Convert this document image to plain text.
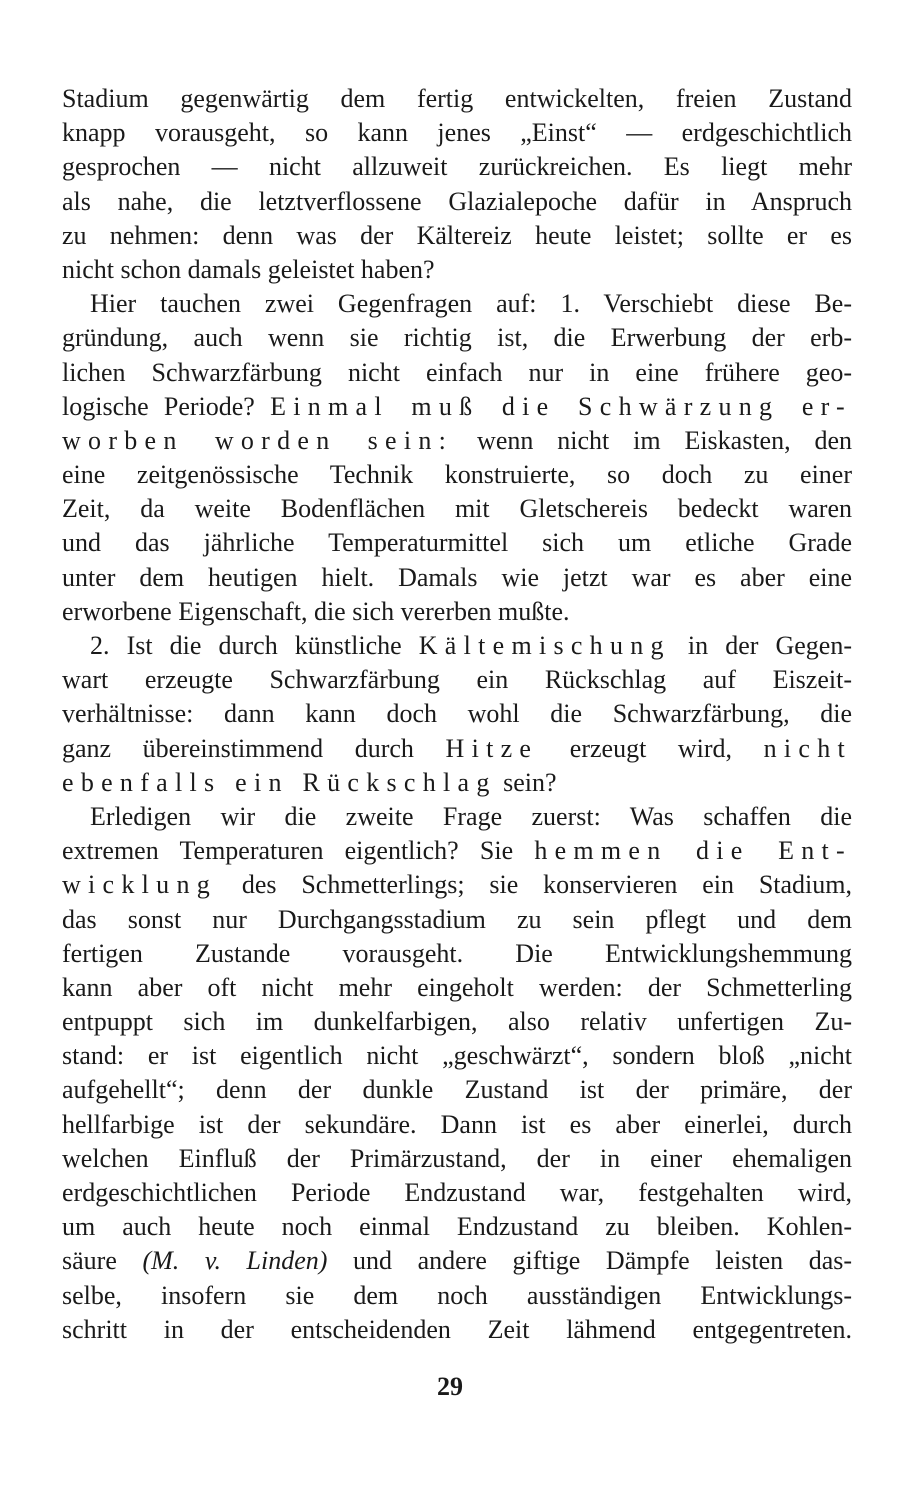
Stadium gegenwärtig dem fertig entwickelten, freien Zustand
knapp vorausgeht, so kann jenes „Einst“ — erdgeschichtlich
gesprochen — nicht allzuweit zurückreichen. Es liegt mehr
als nahe, die letztverflossene Glazialepoche dafür in Anspruch
zu nehmen: denn was der Kältereiz heute leistet; sollte er es
nicht schon damals geleistet haben?
Hier tauchen zwei Gegenfragen auf: 1. Verschiebt diese Be-
gründung, auch wenn sie richtig ist, die Erwerbung der erb-
lichen Schwarzfärbung nicht einfach nur in eine frühere geo-
logische Periode? Einmal muß die Schwärzung er-
worben worden sein: wenn nicht im Eiskasten, den
eine zeitgenössische Technik konstruierte, so doch zu einer
Zeit, da weite Bodenflächen mit Gletschereis bedeckt waren
und das jährliche Temperaturmittel sich um etliche Grade
unter dem heutigen hielt. Damals wie jetzt war es aber eine
erworbene Eigenschaft, die sich vererben mußte.
2. Ist die durch künstliche Kältemischung in der Gegen-
wart erzeugte Schwarzfärbung ein Rückschlag auf Eiszeit-
verhältnisse: dann kann doch wohl die Schwarzfärbung, die
ganz übereinstimmend durch Hitze erzeugt wird, nicht
ebenfalls ein Rückschlag sein?
Erledigen wir die zweite Frage zuerst: Was schaffen die
extremen Temperaturen eigentlich? Sie hemmen die Ent-
wicklung des Schmetterlings; sie konservieren ein Stadium,
das sonst nur Durchgangsstadium zu sein pflegt und dem
fertigen Zustande vorausgeht. Die Entwicklungshemmung
kann aber oft nicht mehr eingeholt werden: der Schmetterling
entpuppt sich im dunkelfarbigen, also relativ unfertigen Zu-
stand: er ist eigentlich nicht „geschwärzt“, sondern bloß „nicht
aufgehellt“; denn der dunkle Zustand ist der primäre, der
hellfarbige ist der sekundäre. Dann ist es aber einerlei, durch
welchen Einfluß der Primärzustand, der in einer ehemaligen
erdgeschichtlichen Periode Endzustand war, festgehalten wird,
um auch heute noch einmal Endzustand zu bleiben. Kohlen-
säure (M. v. Linden) und andere giftige Dämpfe leisten das-
selbe, insofern sie dem noch ausständigen Entwicklungs-
schritt in der entscheidenden Zeit lähmend entgegentreten.
29
